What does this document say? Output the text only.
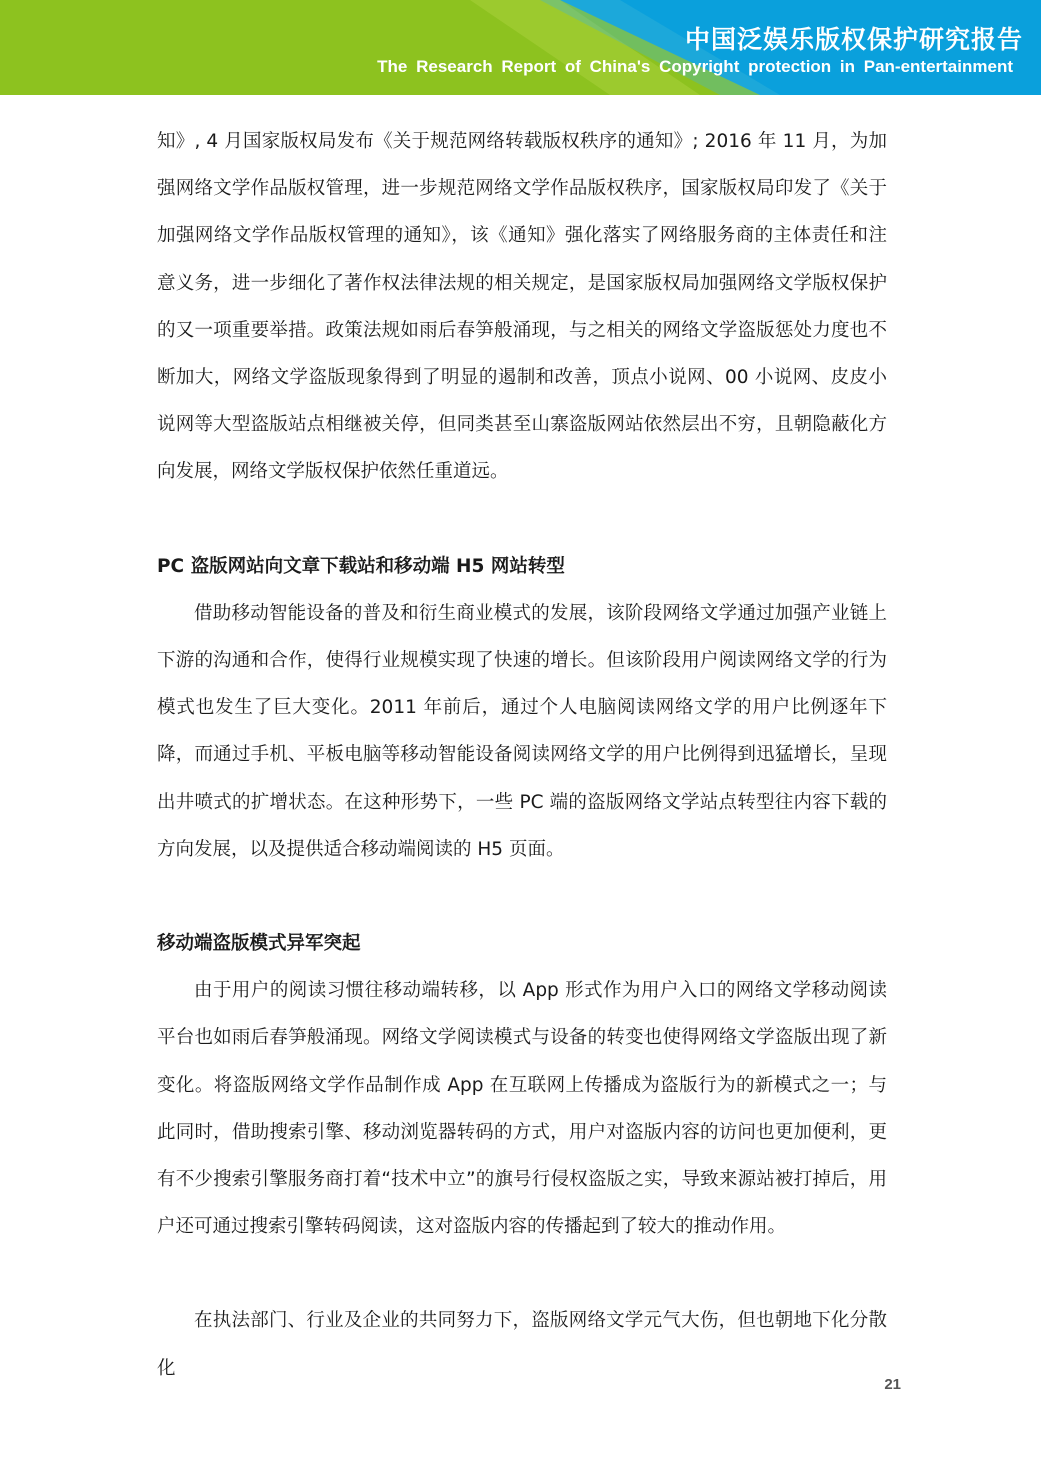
中国泛娱乐版权保护研究报告
The Research Report of China's Copyright protection in Pan-entertainment

知》, 4 月国家版权局发布《关于规范网络转载版权秩序的通知》; 2016 年 11 月，为加强网络文学作品版权管理，进一步规范网络文学作品版权秩序，国家版权局印发了《关于加强网络文学作品版权管理的通知》，该《通知》强化落实了网络服务商的主体责任和注意义务，进一步细化了著作权法律法规的相关规定，是国家版权局加强网络文学版权保护的又一项重要举措。政策法规如雨后春笋般涌现，与之相关的网络文学盗版惩处力度也不断加大，网络文学盗版现象得到了明显的遏制和改善，顶点小说网、00 小说网、皮皮小说网等大型盗版站点相继被关停，但同类甚至山寨盗版网站依然层出不穷，且朝隐蔽化方向发展，网络文学版权保护依然任重道远。

PC 盗版网站向文章下载站和移动端 H5 网站转型

借助移动智能设备的普及和衍生商业模式的发展，该阶段网络文学通过加强产业链上下游的沟通和合作，使得行业规模实现了快速的增长。但该阶段用户阅读网络文学的行为模式也发生了巨大变化。2011 年前后，通过个人电脑阅读网络文学的用户比例逐年下降，而通过手机、平板电脑等移动智能设备阅读网络文学的用户比例得到迅猛增长，呈现出井喷式的扩增状态。在这种形势下，一些 PC 端的盗版网络文学站点转型往内容下载的方向发展，以及提供适合移动端阅读的 H5 页面。

移动端盗版模式异军突起

由于用户的阅读习惯往移动端转移，以 App 形式作为用户入口的网络文学移动阅读平台也如雨后春笋般涌现。网络文学阅读模式与设备的转变也使得网络文学盗版出现了新变化。将盗版网络文学作品制作成 App 在互联网上传播成为盗版行为的新模式之一；与此同时，借助搜索引擎、移动浏览器转码的方式，用户对盗版内容的访问也更加便利，更有不少搜索引擎服务商打着“技术中立”的旗号行侵权盗版之实，导致来源站被打掉后，用户还可通过搜索引擎转码阅读，这对盗版内容的传播起到了较大的推动作用。

在执法部门、行业及企业的共同努力下，盗版网络文学元气大伤，但也朝地下化分散化

21
